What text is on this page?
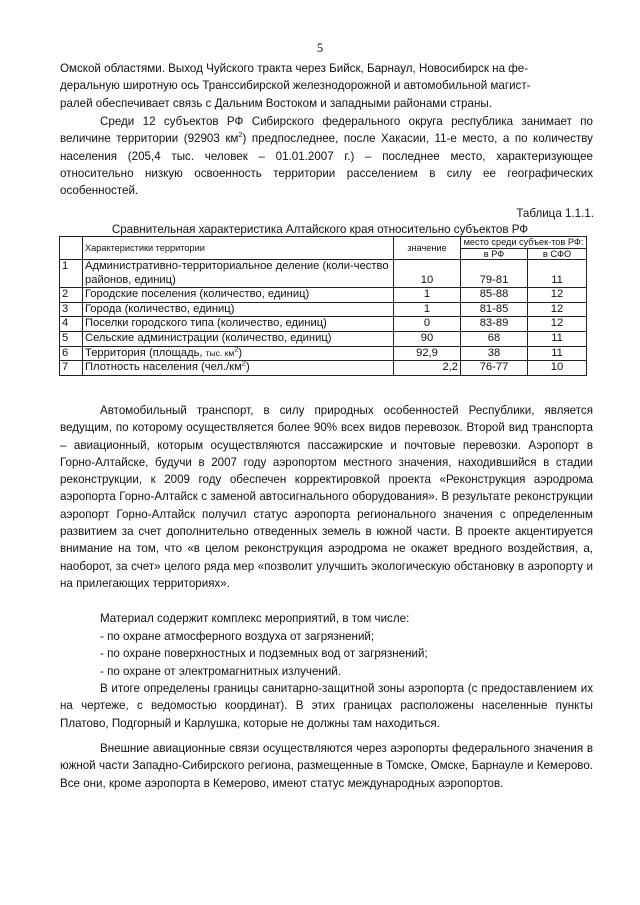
5
Омской областями. Выход Чуйского тракта через Бийск, Барнаул, Новосибирск на фе-
деральную широтную ось Транссибирской железнодорожной и автомобильной магист-
ралей обеспечивает связь с Дальним Востоком и западными районами страны.

Среди 12 субъектов РФ Сибирского федерального округа республика занимает по величине территории (92903 $км^2$) предпоследнее, после Хакасии, 11-е место, а по количеству населения (205,4 тыс. человек – 01.01.2007 г.) – последнее место, характеризующее относительно низкую освоенность территории расселением в силу ее географических особенностей.

Таблица 1.1.1.
Сравнительная характеристика Алтайского края относительно субъектов РФ
	Характеристики территории	значение	место среди субъек-тов РФ:	
			в РФ	в СФО
1	Административно-территориальное деление (коли-чество районов, единиц)	10	79-81	11
2	Городские поселения (количество, единиц)	1	85-88	12
3	Города (количество, единиц)	1	81-85	12
4	Поселки городского типа (количество, единиц)	0	83-89	12
5	Сельские администрации (количество, единиц)	90	68	11
6	Территория (площадь, тыс. $км^2$)	92,9	38	11
7	Плотность населения $(чел./км^2)$	2,2	76-77	10

Автомобильный транспорт, в силу природных особенностей Республики, является ведущим, по которому осуществляется более 90% всех видов перевозок. Второй вид транспорта – авиационный, которым осуществляются пассажирские и почтовые перевозки. Аэропорт в Горно-Алтайске, будучи в 2007 году аэропортом местного значения, находившийся в стадии реконструкции, к 2009 году обеспечен корректировкой проекта «Реконструкция аэродрома аэропорта Горно-Алтайск с заменой автосигнального оборудования». В результате реконструкции аэропорт Горно-Алтайск получил статус аэропорта регионального значения с определенным развитием за счет дополнительно отведенных земель в южной части. В проекте акцентируется внимание на том, что «в целом реконструкция аэродрома не окажет вредного воздействия, а, наоборот, за счет» целого ряда мер «позволит улучшить экологическую обстановку в аэропорту и на прилегающих территориях».

Материал содержит комплекс мероприятий, в том числе:

- по охране атмосферного воздуха от загрязнений;
- по охране поверхностных и подземных вод от загрязнений;
- по охране от электромагнитных излучений.

В итоге определены границы санитарно-защитной зоны аэропорта (с предоставлением их на чертеже, с ведомостью координат). В этих границах расположены населенные пункты Платово, Подгорный и Карлушка, которые не должны там находиться.

Внешние авиационные связи осуществляются через аэропорты федерального значения в южной части Западно-Сибирского региона, размещенные в Томске, Омске, Барнауле и Кемерово. Все они, кроме аэропорта в Кемерово, имеют статус международных аэропортов.
